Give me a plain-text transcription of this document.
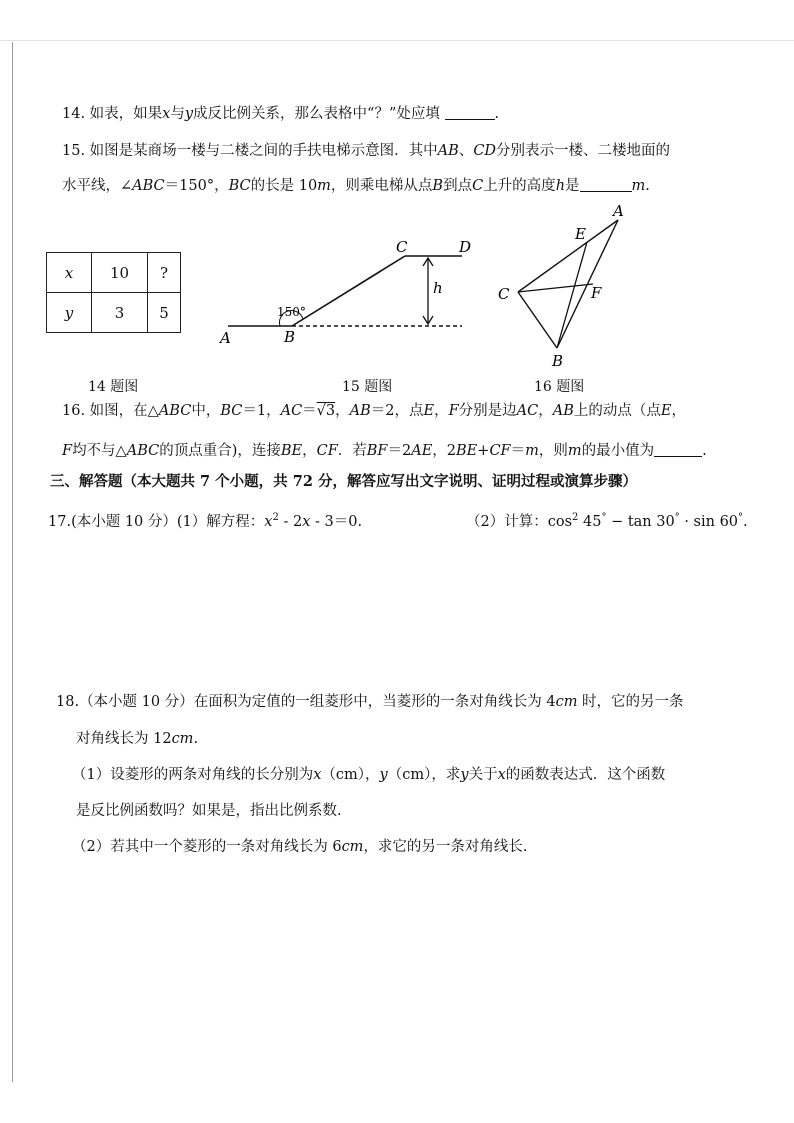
14. 如表，如果x与y成反比例关系，那么表格中“？”处应填	.
15. 如图是某商场一楼与二楼之间的手扶电梯示意图．其中AB、CD分别表示一楼、二楼地面的
水平线，∠ABC＝150°，BC的长是 10m，则乘电梯从点B到点C上升的高度h是	m.
x	10	?
y	3	5
A	B
C	D
h
150°
A
E
C	F
B
14 题图	15 题图	16 题图
16. 如图，在△ABC中，BC＝1，AC＝√3，AB＝2，点E，F分别是边AC，AB上的动点（点E，
F均不与△ABC的顶点重合)，连接BE，CF．若BF＝2AE，2BE+CF＝m，则m的最小值为	.
三、解答题（本大题共 7 个小题，共 72 分，解答应写出文字说明、证明过程或演算步骤）
17.(本小题 10 分）(1）解方程：$x^2 - 2x - 3=0$.	（2）计算：$\cos^2 45^\circ - \tan 30^\circ \cdot \sin 60^\circ$.
18.（本小题 10 分）在面积为定值的一组菱形中，当菱形的一条对角线长为 4cm 时，它的另一条
对角线长为 12cm.
（1）设菱形的两条对角线的长分别为x（cm），y（cm），求y关于x的函数表达式．这个函数
是反比例函数吗？如果是，指出比例系数.
（2）若其中一个菱形的一条对角线长为 6cm，求它的另一条对角线长.
